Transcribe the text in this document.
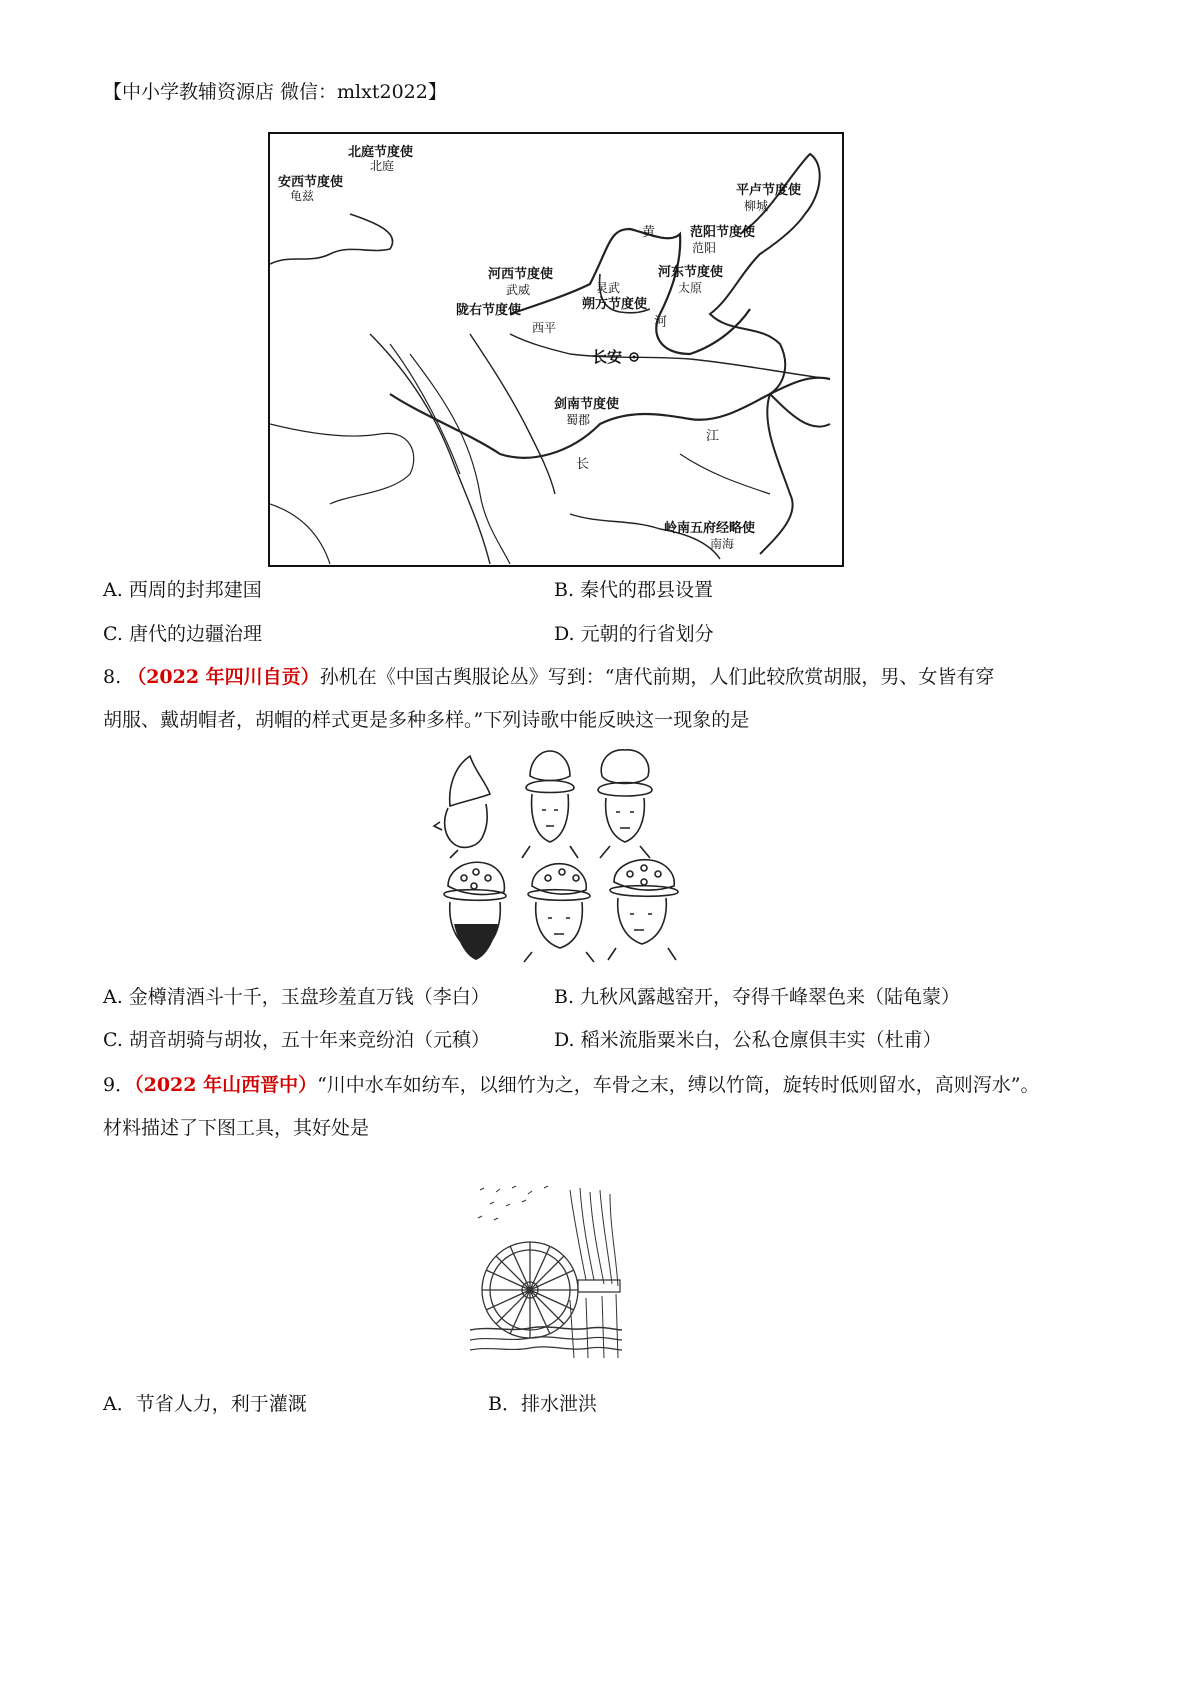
【中小学教辅资源店 微信：mlxt2022】
北庭节度使
北庭
安西节度使
龟兹	平卢节度使
柳城
范阳节度使
范阳
河东节度使
太原
河西节度使
武威
朔方节度使
灵武
陇右节度使
西平
剑南节度使
蜀郡
岭南五府经略使
南海
长安
黄
河
长
江
A. 西周的封邦建国	B. 秦代的郡县设置
C. 唐代的边疆治理	D. 元朝的行省划分
8. （2022 年四川自贡）孙机在《中国古舆服论丛》写到：“唐代前期，人们此较欣赏胡服，男、女皆有穿
胡服、戴胡帽者，胡帽的样式更是多种多样。”下列诗歌中能反映这一现象的是
A. 金樽清酒斗十千，玉盘珍羞直万钱（李白）	B. 九秋风露越窑开，夺得千峰翠色来（陆龟蒙）
C. 胡音胡骑与胡妆，五十年来竞纷泊（元稹）	D. 稻米流脂粟米白，公私仓廪俱丰实（杜甫）
9．（2022 年山西晋中）“川中水车如纺车，以细竹为之，车骨之末，缚以竹筒，旋转时低则留水，高则泻水”。
材料描述了下图工具，其好处是
A．节省人力，利于灌溉	B．排水泄洪
